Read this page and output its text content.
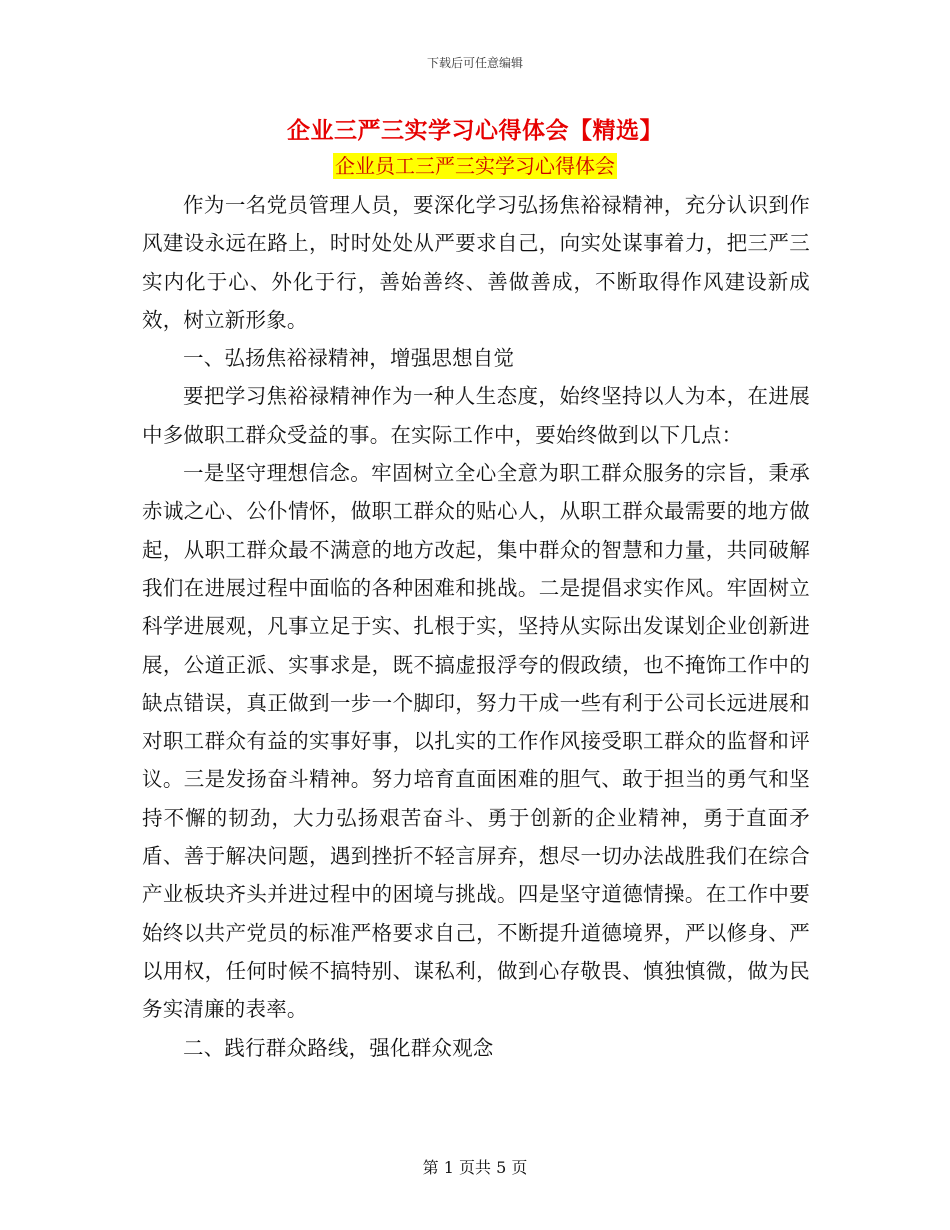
下载后可任意编辑
企业三严三实学习心得体会【精选】
企业员工三严三实学习心得体会

作为一名党员管理人员，要深化学习弘扬焦裕禄精神，充分认识到作风建设永远在路上，时时处处从严要求自己，向实处谋事着力，把三严三实内化于心、外化于行，善始善终、善做善成，不断取得作风建设新成效，树立新形象。

一、弘扬焦裕禄精神，增强思想自觉

要把学习焦裕禄精神作为一种人生态度，始终坚持以人为本，在进展中多做职工群众受益的事。在实际工作中，要始终做到以下几点：

一是坚守理想信念。牢固树立全心全意为职工群众服务的宗旨，秉承赤诚之心、公仆情怀，做职工群众的贴心人，从职工群众最需要的地方做起，从职工群众最不满意的地方改起，集中群众的智慧和力量，共同破解我们在进展过程中面临的各种困难和挑战。二是提倡求实作风。牢固树立科学进展观，凡事立足于实、扎根于实，坚持从实际出发谋划企业创新进展，公道正派、实事求是，既不搞虚报浮夸的假政绩，也不掩饰工作中的缺点错误，真正做到一步一个脚印，努力干成一些有利于公司长远进展和对职工群众有益的实事好事，以扎实的工作作风接受职工群众的监督和评议。三是发扬奋斗精神。努力培育直面困难的胆气、敢于担当的勇气和坚持不懈的韧劲，大力弘扬艰苦奋斗、勇于创新的企业精神，勇于直面矛盾、善于解决问题，遇到挫折不轻言屏弃，想尽一切办法战胜我们在综合产业板块齐头并进过程中的困境与挑战。四是坚守道德情操。在工作中要始终以共产党员的标准严格要求自己，不断提升道德境界，严以修身、严以用权，任何时候不搞特别、谋私利，做到心存敬畏、慎独慎微，做为民务实清廉的表率。

二、践行群众路线，强化群众观念

第 1 页共 5 页
